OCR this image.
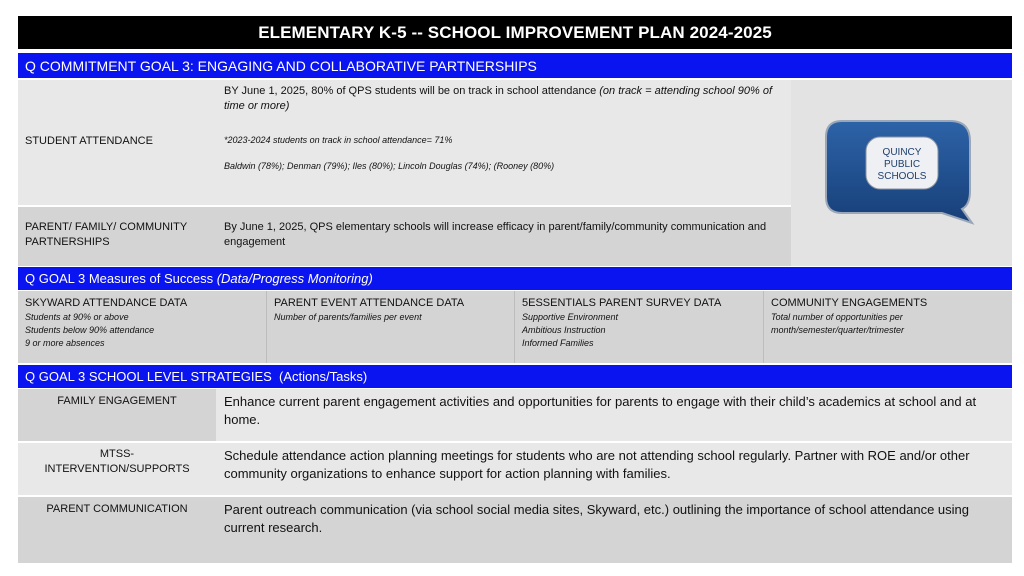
ELEMENTARY K-5 -- SCHOOL IMPROVEMENT PLAN 2024-2025
Q COMMITMENT GOAL 3: ENGAGING AND COLLABORATIVE PARTNERSHIPS
STUDENT ATTENDANCE
BY June 1, 2025, 80% of QPS students will be on track in school attendance (on track = attending school 90% of time or more)
*2023-2024 students on track in school attendance= 71%
Baldwin (78%); Denman (79%); Iles (80%); Lincoln Douglas (74%); (Rooney (80%)
PARENT/ FAMILY/ COMMUNITY PARTNERSHIPS
By June 1, 2025, QPS elementary schools will increase efficacy in parent/family/community communication and engagement
QUINCY
PUBLIC
SCHOOLS
Q GOAL 3 Measures of Success (Data/Progress Monitoring)
SKYWARD ATTENDANCE DATA
Students at 90% or above
Students below 90% attendance
9 or more absences
PARENT EVENT ATTENDANCE DATA
Number of parents/families per event
5ESSENTIALS PARENT SURVEY DATA
Supportive Environment
Ambitious Instruction
Informed Families
COMMUNITY ENGAGEMENTS
Total number of opportunities per month/semester/quarter/trimester
Q GOAL 3 SCHOOL LEVEL STRATEGIES  (Actions/Tasks)
FAMILY ENGAGEMENT	Enhance current parent engagement activities and opportunities for parents to engage with their child’s academics at school and at home.
MTSS-INTERVENTION/SUPPORTS
Schedule attendance action planning meetings for students who are not attending school regularly. Partner with ROE and/or other community organizations to enhance support for action planning with families.
PARENT COMMUNICATION	Parent outreach communication (via school social media sites, Skyward, etc.) outlining the importance of school attendance using current research.
